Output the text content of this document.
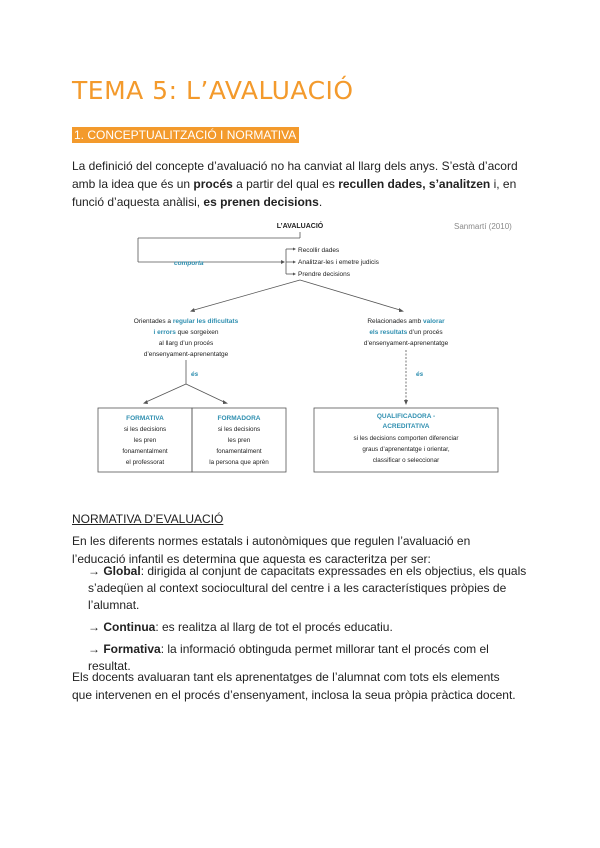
TEMA 5: L’AVALUACIÓ
1. CONCEPTUALITZACIÓ I NORMATIVA

La definició del concepte d’avaluació no ha canviat al llarg dels anys. S’està d’acord amb la idea que és un procés a partir del qual es recullen dades, s’analitzen i, en funció d’aquesta anàlisi, es prenen decisions.

L’AVALUACIÓ	Sanmartí (2010)
comporta
Recollir dades
Analitzar-les i emetre judicis
Prendre decisions
Orientades a regular les dificultats
i errors que sorgeixen
al llarg d’un procés
d’ensenyament-aprenentatge
Relacionades amb valorar
els resultats d’un procés
d’ensenyament-aprenentatge
és	és
FORMATIVA
si les decisions
les pren
fonamentalment
el professorat
FORMADORA
si les decisions
les pren
fonamentalment
la persona que aprèn
QUALIFICADORA -
ACREDITATIVA
si les decisions comporten diferenciar
graus d’aprenentatge i orientar,
classificar o seleccionar
NORMATIVA D’EVALUACIÓ

En les diferents normes estatals i autonòmiques que regulen l’avaluació en l’educació infantil es determina que aquesta es caracteritza per ser:

→ Global: dirigida al conjunt de capacitats expressades en els objectius, els quals s’adeqüen al context sociocultural del centre i a les característiques pròpies de l’alumnat.
→ Continua: es realitza al llarg de tot el procés educatiu.
→ Formativa: la informació obtinguda permet millorar tant el procés com el resultat.

Els docents avaluaran tant els aprenentatges de l’alumnat com tots els elements que intervenen en el procés d’ensenyament, inclosa la seua pròpia pràctica docent.
